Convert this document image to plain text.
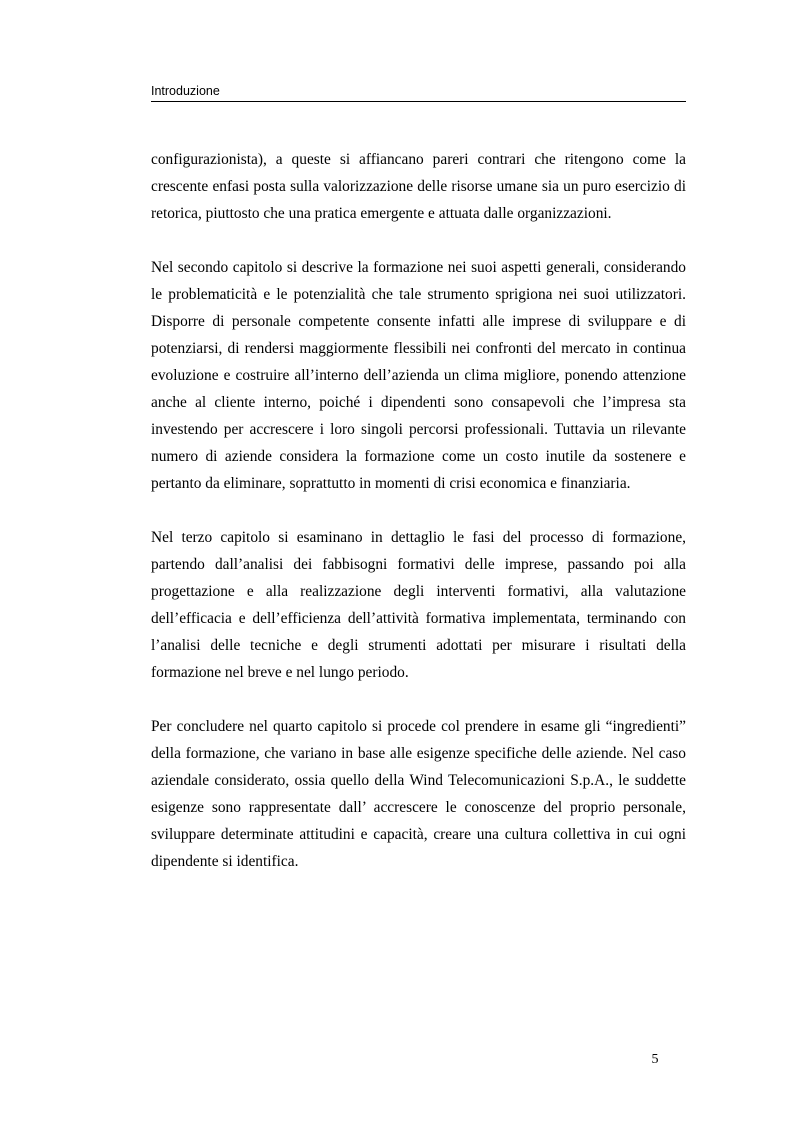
Introduzione

configurazionista), a queste si affiancano pareri contrari che ritengono come la crescente enfasi posta sulla valorizzazione delle risorse umane sia un puro esercizio di retorica, piuttosto che una pratica emergente e attuata dalle organizzazioni.

Nel secondo capitolo si descrive la formazione nei suoi aspetti generali, considerando le problematicità e le potenzialità che tale strumento sprigiona nei suoi utilizzatori. Disporre di personale competente consente infatti alle imprese di svilupparе e di potenziarsi, di rendersi maggiormente flessibili nei confronti del mercato in continua evoluzione e costruire all’interno dell’azienda un clima migliore, ponendo attenzione anche al cliente interno, poiché i dipendenti sono consapevoli che l’impresa sta investendo per accrescere i loro singoli percorsi professionali. Tuttavia un rilevante numero di aziende considera la formazione come un costo inutile da sostenere e pertanto da eliminare, soprattutto in momenti di crisi economica e finanziaria.

Nel terzo capitolo si esaminano in dettaglio le fasi del processo di formazione, partendo dall’analisi dei fabbisogni formativi delle imprese, passando poi alla progettazione e alla realizzazione degli interventi formativi, alla valutazione dell’efficacia e dell’efficienza dell’attività formativa implementata, terminando con l’analisi delle tecniche e degli strumenti adottati per misurare i risultati della formazione nel breve e nel lungo periodo.

Per concludere nel quarto capitolo si procede col prendere in esame gli “ingredienti” della formazione, che variano in base alle esigenze specifiche delle aziende. Nel caso aziendale considerato, ossia quello della Wind Telecomunicazioni S.p.A., le suddette esigenze sono rappresentate dall’ accrescere le conoscenze del proprio personale, sviluppare determinate attitudini e capacità, creare una cultura collettiva in cui ogni dipendente si identifica.

5
